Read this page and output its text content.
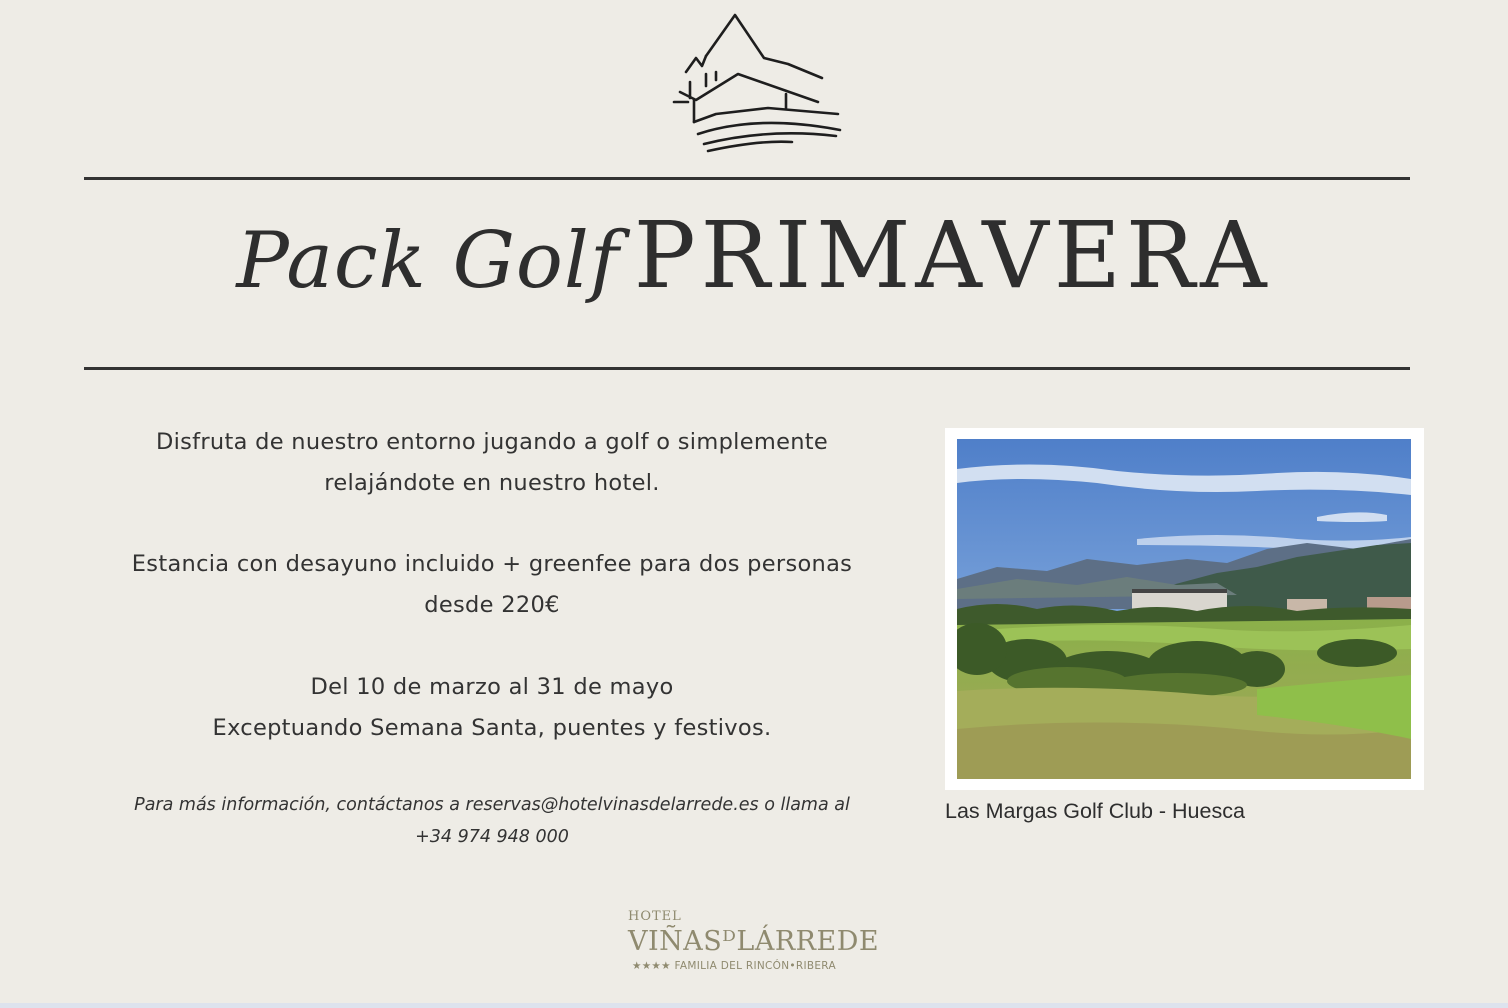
Pack Golf PRIMAVERA

Disfruta de nuestro entorno jugando a golf o simplemente

relajándote en nuestro hotel.

Estancia con desayuno incluido + greenfee para dos personas

desde 220€

Del 10 de marzo al 31 de mayo

Exceptuando Semana Santa, puentes y festivos.

Para más información, contáctanos a reservas@hotelvinasdelarrede.es o llama al
+34 974 948 000
Las Margas Golf Club - Huesca
HOTEL
VIÑASᴰLÁRREDE
★★★★ FAMILIA DEL RINCÓN•RIBERA
